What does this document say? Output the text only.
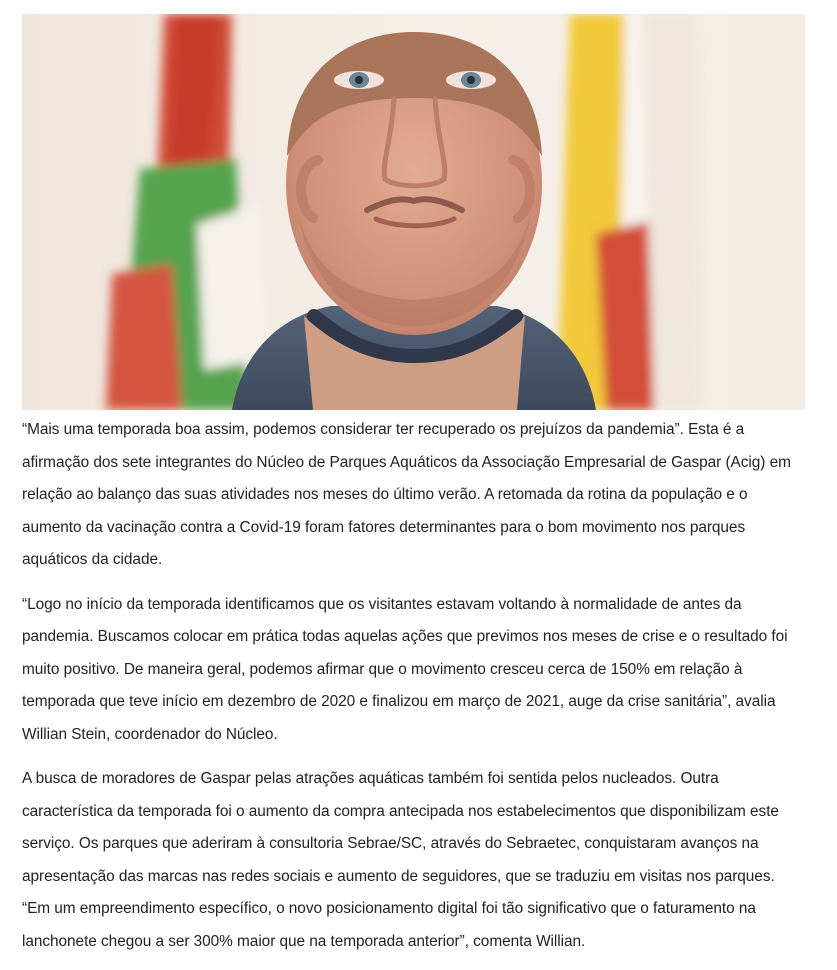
“Mais uma temporada boa assim, podemos considerar ter recuperado os prejuízos da pandemia”. Esta é a afirmação dos sete integrantes do Núcleo de Parques Aquáticos da Associação Empresarial de Gaspar (Acig) em relação ao balanço das suas atividades nos meses do último verão. A retomada da rotina da população e o aumento da vacinação contra a Covid-19 foram fatores determinantes para o bom movimento nos parques aquáticos da cidade.

“Logo no início da temporada identificamos que os visitantes estavam voltando à normalidade de antes da pandemia. Buscamos colocar em prática todas aquelas ações que previmos nos meses de crise e o resultado foi muito positivo. De maneira geral, podemos afirmar que o movimento cresceu cerca de 150% em relação à temporada que teve início em dezembro de 2020 e finalizou em março de 2021, auge da crise sanitária”, avalia Willian Stein, coordenador do Núcleo.

A busca de moradores de Gaspar pelas atrações aquáticas também foi sentida pelos nucleados. Outra característica da temporada foi o aumento da compra antecipada nos estabelecimentos que disponibilizam este serviço. Os parques que aderiram à consultoria Sebrae/SC, através do Sebraetec, conquistaram avanços na apresentação das marcas nas redes sociais e aumento de seguidores, que se traduziu em visitas nos parques. “Em um empreendimento específico, o novo posicionamento digital foi tão significativo que o faturamento na lanchonete chegou a ser 300% maior que na temporada anterior”, comenta Willian.
